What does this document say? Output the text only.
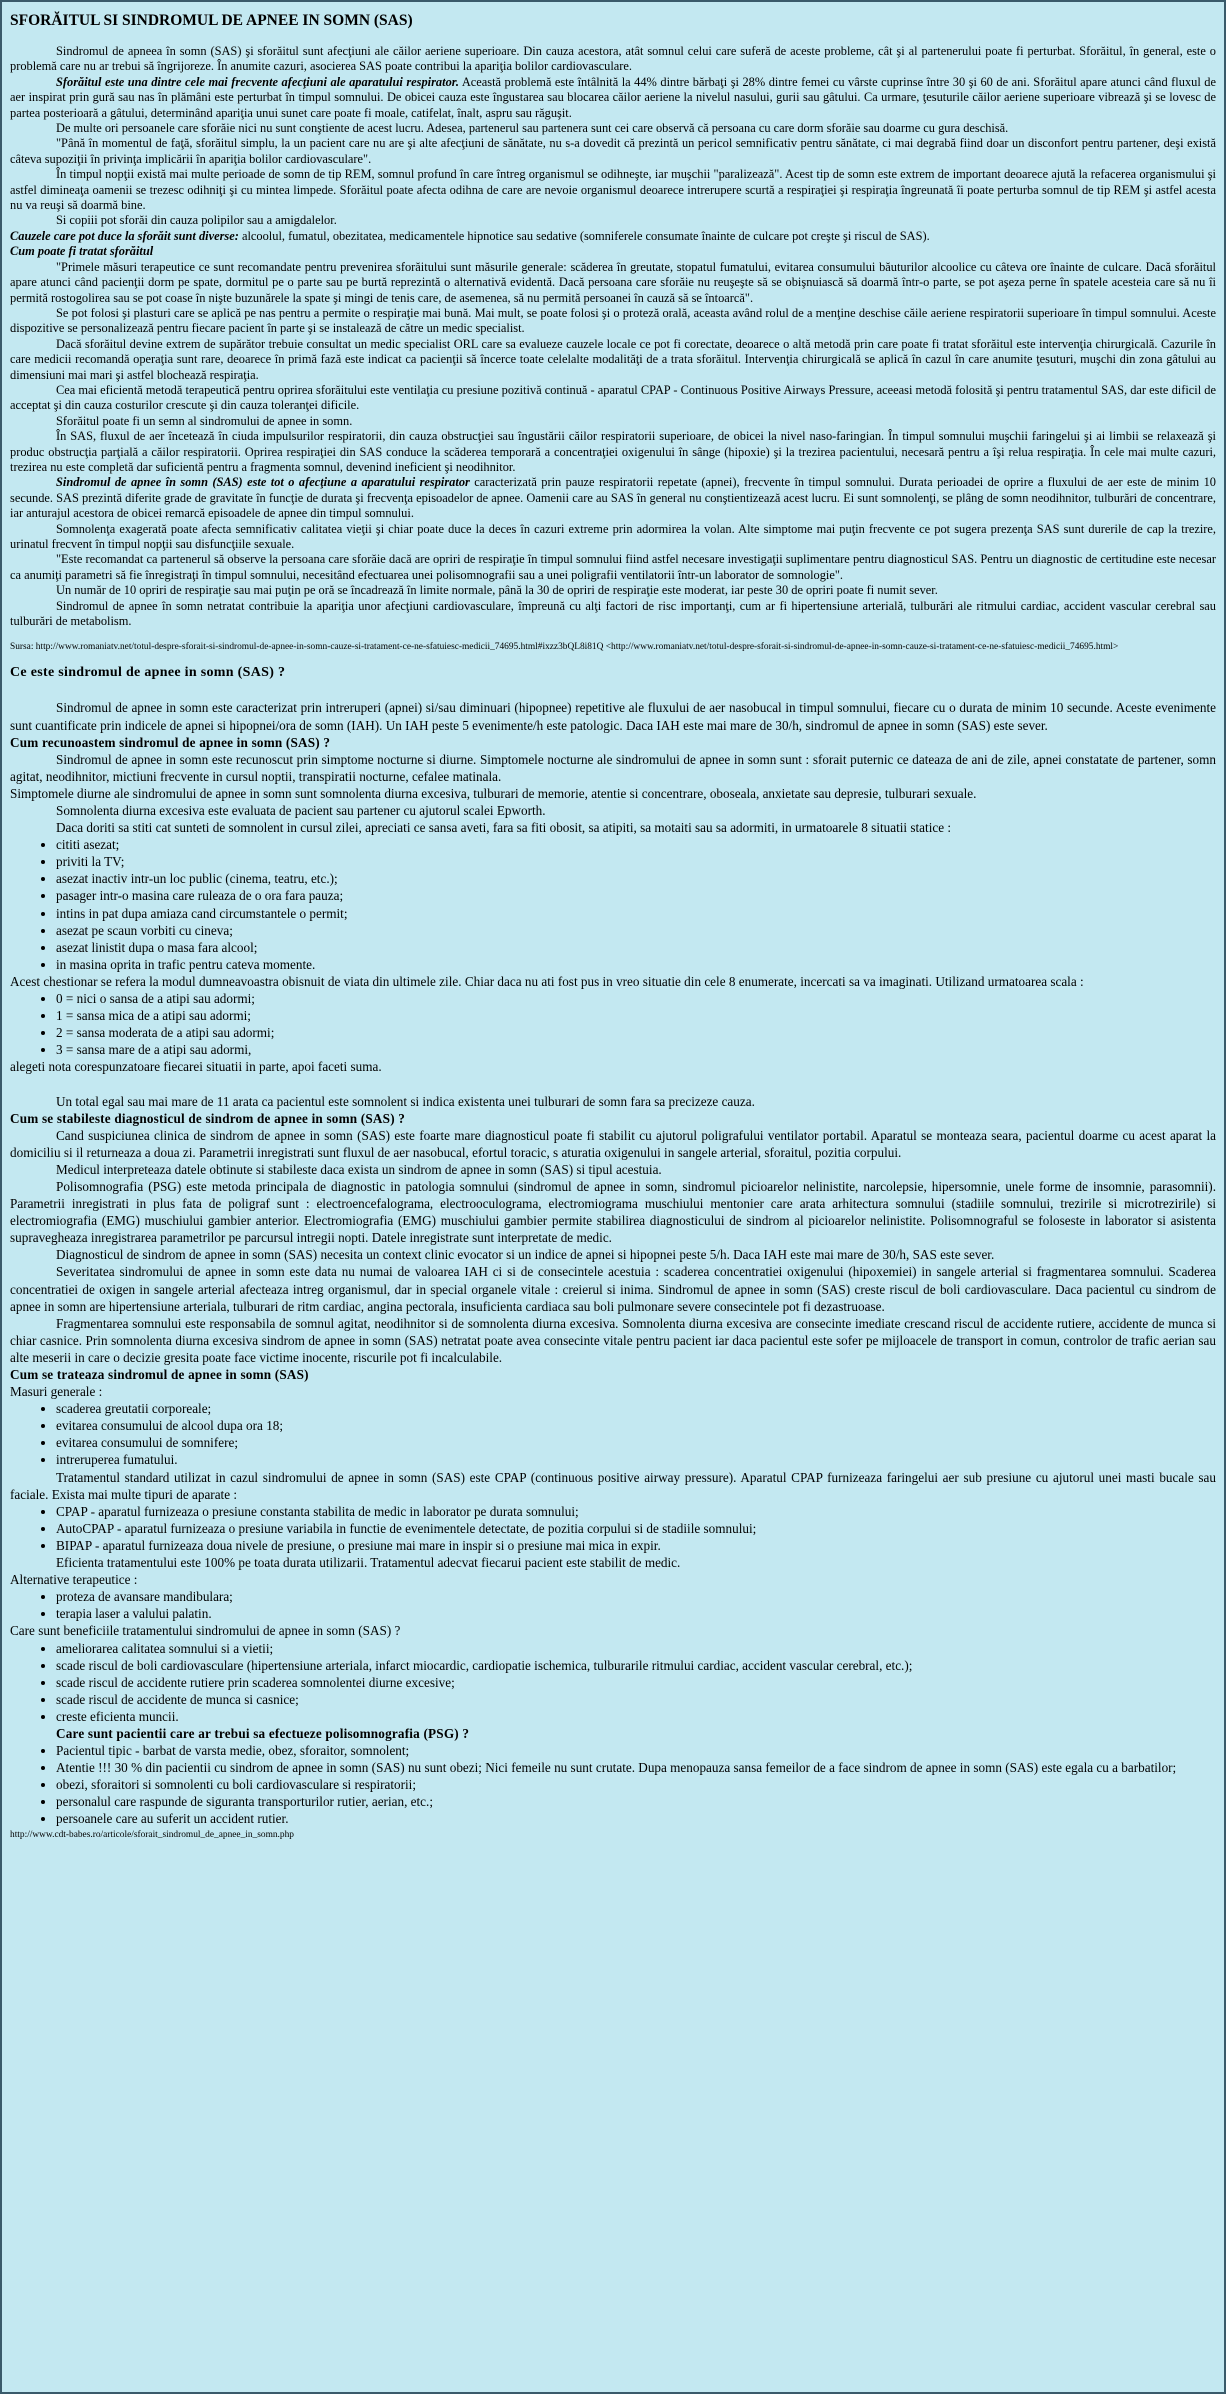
SFORĂITUL SI SINDROMUL DE APNEE IN SOMN (SAS)

Sindromul de apneea în somn (SAS) şi sforăitul sunt afecţiuni ale căilor aeriene superioare. Din cauza acestora, atât somnul celui care suferă de aceste probleme, cât şi al partenerului poate fi perturbat. Sforăitul, în general, este o problemă care nu ar trebui să îngrijoreze. În anumite cazuri, asocierea SAS poate contribui la apariţia bolilor cardiovasculare.

Sforăitul este una dintre cele mai frecvente afecţiuni ale aparatului respirator. Această problemă este întâlnită la 44% dintre bărbaţi şi 28% dintre femei cu vârste cuprinse între 30 şi 60 de ani. Sforăitul apare atunci când fluxul de aer inspirat prin gură sau nas în plămâni este perturbat în timpul somnului. De obicei cauza este îngustarea sau blocarea căilor aeriene la nivelul nasului, gurii sau gâtului. Ca urmare, ţesuturile căilor aeriene superioare vibrează şi se lovesc de partea posterioară a gâtului, determinând apariţia unui sunet care poate fi moale, catifelat, înalt, aspru sau răguşit.

De multe ori persoanele care sforăie nici nu sunt conştiente de acest lucru. Adesea, partenerul sau partenera sunt cei care observă că persoana cu care dorm sforăie sau doarme cu gura deschisă.

"Până în momentul de faţă, sforăitul simplu, la un pacient care nu are şi alte afecţiuni de sănătate, nu s-a dovedit că prezintă un pericol semnificativ pentru sănătate, ci mai degrabă fiind doar un disconfort pentru partener, deşi există câteva supoziţii în privinţa implicării în apariţia bolilor cardiovasculare".

În timpul nopţii există mai multe perioade de somn de tip REM, somnul profund în care întreg organismul se odihneşte, iar muşchii "paralizează". Acest tip de somn este extrem de important deoarece ajută la refacerea organismului şi astfel dimineaţa oamenii se trezesc odihniţi şi cu mintea limpede. Sforăitul poate afecta odihna de care are nevoie organismul deoarece intrerupere scurtă a respiraţiei şi respiraţia îngreunată îi poate perturba somnul de tip REM şi astfel acesta nu va reuşi să doarmă bine.

Si copiii pot sforăi din cauza polipilor sau a amigdalelor.

Cauzele care pot duce la sforăit sunt diverse: alcoolul, fumatul, obezitatea, medicamentele hipnotice sau sedative (somniferele consumate înainte de culcare pot creşte şi riscul de SAS).

Cum poate fi tratat sforăitul

"Primele măsuri terapeutice ce sunt recomandate pentru prevenirea sforăitului sunt măsurile generale: scăderea în greutate, stopatul fumatului, evitarea consumului băuturilor alcoolice cu câteva ore înainte de culcare. Dacă sforăitul apare atunci când pacienţii dorm pe spate, dormitul pe o parte sau pe burtă reprezintă o alternativă evidentă. Dacă persoana care sforăie nu reuşeşte să se obişnuiască să doarmă într-o parte, se pot aşeza perne în spatele acesteia care să nu îi permită rostogolirea sau se pot coase în nişte buzunărele la spate şi mingi de tenis care, de asemenea, să nu permită persoanei în cauză să se întoarcă".

Se pot folosi şi plasturi care se aplică pe nas pentru a permite o respiraţie mai bună. Mai mult, se poate folosi şi o proteză orală, aceasta având rolul de a menţine deschise căile aeriene respiratorii superioare în timpul somnului. Aceste dispozitive se personalizează pentru fiecare pacient în parte şi se instalează de către un medic specialist.

Dacă sforăitul devine extrem de supărător trebuie consultat un medic specialist ORL care sa evalueze cauzele locale ce pot fi corectate, deoarece o altă metodă prin care poate fi tratat sforăitul este intervenţia chirurgicală. Cazurile în care medicii recomandă operaţia sunt rare, deoarece în primă fază este indicat ca pacienţii să încerce toate celelalte modalităţi de a trata sforăitul. Intervenţia chirurgicală se aplică în cazul în care anumite ţesuturi, muşchi din zona gâtului au dimensiuni mai mari şi astfel blochează respiraţia.

Cea mai eficientă metodă terapeutică pentru oprirea sforăitului este ventilaţia cu presiune pozitivă continuă - aparatul CPAP - Continuous Positive Airways Pressure, aceeasi metodă folosită şi pentru tratamentul SAS, dar este dificil de acceptat şi din cauza costurilor crescute şi din cauza toleranţei dificile.

Sforăitul poate fi un semn al sindromului de apnee in somn.

În SAS, fluxul de aer încetează în ciuda impulsurilor respiratorii, din cauza obstrucţiei sau îngustării căilor respiratorii superioare, de obicei la nivel naso-faringian. În timpul somnului muşchii faringelui şi ai limbii se relaxează şi produc obstrucţia parţială a căilor respiratorii. Oprirea respiraţiei din SAS conduce la scăderea temporară a concentraţiei oxigenului în sânge (hipoxie) şi la trezirea pacientului, necesară pentru a îşi relua respiraţia. În cele mai multe cazuri, trezirea nu este completă dar suficientă pentru a fragmenta somnul, devenind ineficient şi neodihnitor.

Sindromul de apnee în somn (SAS) este tot o afecţiune a aparatului respirator caracterizată prin pauze respiratorii repetate (apnei), frecvente în timpul somnului. Durata perioadei de oprire a fluxului de aer este de minim 10 secunde. SAS prezintă diferite grade de gravitate în funcţie de durata şi frecvenţa episoadelor de apnee. Oamenii care au SAS în general nu conştientizează acest lucru. Ei sunt somnolenţi, se plâng de somn neodihnitor, tulburări de concentrare, iar anturajul acestora de obicei remarcă episoadele de apnee din timpul somnului.

Somnolenţa exagerată poate afecta semnificativ calitatea vieţii şi chiar poate duce la deces în cazuri extreme prin adormirea la volan. Alte simptome mai puţin frecvente ce pot sugera prezenţa SAS sunt durerile de cap la trezire, urinatul frecvent în timpul nopţii sau disfuncţiile sexuale.

"Este recomandat ca partenerul să observe la persoana care sforăie dacă are opriri de respiraţie în timpul somnului fiind astfel necesare investigaţii suplimentare pentru diagnosticul SAS. Pentru un diagnostic de certitudine este necesar ca anumiţi parametri să fie înregistraţi în timpul somnului, necesitând efectuarea unei polisomnografii sau a unei poligrafii ventilatorii într-un laborator de somnologie".

Un număr de 10 opriri de respiraţie sau mai puţin pe oră se încadrează în limite normale, până la 30 de opriri de respiraţie este moderat, iar peste 30 de opriri poate fi numit sever.

Sindromul de apnee în somn netratat contribuie la apariţia unor afecţiuni cardiovasculare, împreună cu alţi factori de risc importanţi, cum ar fi hipertensiune arterială, tulburări ale ritmului cardiac, accident vascular cerebral sau tulburări de metabolism.

Sursa: http://www.romaniatv.net/totul-despre-sforait-si-sindromul-de-apnee-in-somn-cauze-si-tratament-ce-ne-sfatuiesc-medicii_74695.html#ixzz3bQL8i81Q <http://www.romaniatv.net/totul-despre-sforait-si-sindromul-de-apnee-in-somn-cauze-si-tratament-ce-ne-sfatuiesc-medicii_74695.html>
Ce este sindromul de apnee in somn (SAS) ?

Sindromul de apnee in somn este caracterizat prin intreruperi (apnei) si/sau diminuari (hipopnee) repetitive ale fluxului de aer nasobucal in timpul somnului, fiecare cu o durata de minim 10 secunde. Aceste evenimente sunt cuantificate prin indicele de apnei si hipopnei/ora de somn (IAH). Un IAH peste 5 evenimente/h este patologic. Daca IAH este mai mare de 30/h, sindromul de apnee in somn (SAS) este sever.

Cum recunoastem sindromul de apnee in somn (SAS) ?

Sindromul de apnee in somn este recunoscut prin simptome nocturne si diurne. Simptomele nocturne ale sindromului de apnee in somn sunt : sforait puternic ce dateaza de ani de zile, apnei constatate de partener, somn agitat, neodihnitor, mictiuni frecvente in cursul noptii, transpiratii nocturne, cefalee matinala.

Simptomele diurne ale sindromului de apnee in somn sunt somnolenta diurna excesiva, tulburari de memorie, atentie si concentrare, oboseala, anxietate sau depresie, tulburari sexuale.

Somnolenta diurna excesiva este evaluata de pacient sau partener cu ajutorul scalei Epworth.

Daca doriti sa stiti cat sunteti de somnolent in cursul zilei, apreciati ce sansa aveti, fara sa fiti obosit, sa atipiti, sa motaiti sau sa adormiti, in urmatoarele 8 situatii statice :

• cititi asezat;
• priviti la TV;
• asezat inactiv intr-un loc public (cinema, teatru, etc.);
• pasager intr-o masina care ruleaza de o ora fara pauza;
• intins in pat dupa amiaza cand circumstantele o permit;
• asezat pe scaun vorbiti cu cineva;
• asezat linistit dupa o masa fara alcool;
• in masina oprita in trafic pentru cateva momente.

Acest chestionar se refera la modul dumneavoastra obisnuit de viata din ultimele zile. Chiar daca nu ati fost pus in vreo situatie din cele 8 enumerate, incercati sa va imaginati. Utilizand urmatoarea scala :

• 0 = nici o sansa de a atipi sau adormi;
• 1 = sansa mica de a atipi sau adormi;
• 2 = sansa moderata de a atipi sau adormi;
• 3 = sansa mare de a atipi sau adormi,

alegeti nota corespunzatoare fiecarei situatii in parte, apoi faceti suma.

Un total egal sau mai mare de 11 arata ca pacientul este somnolent si indica existenta unei tulburari de somn fara sa precizeze cauza.

Cum se stabileste diagnosticul de sindrom de apnee in somn (SAS) ?

Cand suspiciunea clinica de sindrom de apnee in somn (SAS) este foarte mare diagnosticul poate fi stabilit cu ajutorul poligrafului ventilator portabil. Aparatul se monteaza seara, pacientul doarme cu acest aparat la domiciliu si il returneaza a doua zi. Parametrii inregistrati sunt fluxul de aer nasobucal, efortul toracic, s aturatia oxigenului in sangele arterial, sforaitul, pozitia corpului.

Medicul interpreteaza datele obtinute si stabileste daca exista un sindrom de apnee in somn (SAS) si tipul acestuia.

Polisomnografia (PSG) este metoda principala de diagnostic in patologia somnului (sindromul de apnee in somn, sindromul picioarelor nelinistite, narcolepsie, hipersomnie, unele forme de insomnie, parasomnii). Parametrii inregistrati in plus fata de poligraf sunt : electroencefalograma, electrooculograma, electromiograma muschiului mentonier care arata arhitectura somnului (stadiile somnului, trezirile si microtrezirile) si electromiografia (EMG) muschiului gambier anterior. Electromiografia (EMG) muschiului gambier permite stabilirea diagnosticului de sindrom al picioarelor nelinistite. Polisomnograful se foloseste in laborator si asistenta supravegheaza inregistrarea parametrilor pe parcursul intregii nopti. Datele inregistrate sunt interpretate de medic.

Diagnosticul de sindrom de apnee in somn (SAS) necesita un context clinic evocator si un indice de apnei si hipopnei peste 5/h. Daca IAH este mai mare de 30/h, SAS este sever.

Severitatea sindromului de apnee in somn este data nu numai de valoarea IAH ci si de consecintele acestuia : scaderea concentratiei oxigenului (hipoxemiei) in sangele arterial si fragmentarea somnului. Scaderea concentratiei de oxigen in sangele arterial afecteaza intreg organismul, dar in special organele vitale : creierul si inima. Sindromul de apnee in somn (SAS) creste riscul de boli cardiovasculare. Daca pacientul cu sindrom de apnee in somn are hipertensiune arteriala, tulburari de ritm cardiac, angina pectorala, insuficienta cardiaca sau boli pulmonare severe consecintele pot fi dezastruoase.

Fragmentarea somnului este responsabila de somnul agitat, neodihnitor si de somnolenta diurna excesiva. Somnolenta diurna excesiva are consecinte imediate crescand riscul de accidente rutiere, accidente de munca si chiar casnice. Prin somnolenta diurna excesiva sindrom de apnee in somn (SAS) netratat poate avea consecinte vitale pentru pacient iar daca pacientul este sofer pe mijloacele de transport in comun, controlor de trafic aerian sau alte meserii in care o decizie gresita poate face victime inocente, riscurile pot fi incalculabile.

Cum se trateaza sindromul de apnee in somn (SAS)

Masuri generale :

• scaderea greutatii corporeale;
• evitarea consumului de alcool dupa ora 18;
• evitarea consumului de somnifere;
• intreruperea fumatului.

Tratamentul standard utilizat in cazul sindromului de apnee in somn (SAS) este CPAP (continuous positive airway pressure). Aparatul CPAP furnizeaza faringelui aer sub presiune cu ajutorul unei masti bucale sau faciale. Exista mai multe tipuri de aparate :

• CPAP - aparatul furnizeaza o presiune constanta stabilita de medic in laborator pe durata somnului;
• AutoCPAP - aparatul furnizeaza o presiune variabila in functie de evenimentele detectate, de pozitia corpului si de stadiile somnului;
• BIPAP - aparatul furnizeaza doua nivele de presiune, o presiune mai mare in inspir si o presiune mai mica in expir.

Eficienta tratamentului este 100% pe toata durata utilizarii. Tratamentul adecvat fiecarui pacient este stabilit de medic.

Alternative terapeutice :

• proteza de avansare mandibulara;
• terapia laser a valului palatin.

Care sunt beneficiile tratamentului sindromului de apnee in somn (SAS) ?

• ameliorarea calitatea somnului si a vietii;
• scade riscul de boli cardiovasculare (hipertensiune arteriala, infarct miocardic, cardiopatie ischemica, tulburarile ritmului cardiac, accident vascular cerebral, etc.);
• scade riscul de accidente rutiere prin scaderea somnolentei diurne excesive;
• scade riscul de accidente de munca si casnice;
• creste eficienta muncii.
Care sunt pacientii care ar trebui sa efectueze polisomnografia (PSG) ?
• Pacientul tipic - barbat de varsta medie, obez, sforaitor, somnolent;
• Atentie !!! 30 % din pacientii cu sindrom de apnee in somn (SAS) nu sunt obezi; Nici femeile nu sunt crutate. Dupa menopauza sansa femeilor de a face sindrom de apnee in somn (SAS) este egala cu a barbatilor;
• obezi, sforaitori si somnolenti cu boli cardiovasculare si respiratorii;
• personalul care raspunde de siguranta transporturilor rutier, aerian, etc.;
• persoanele care au suferit un accident rutier.
http://www.cdt-babes.ro/articole/sforait_sindromul_de_apnee_in_somn.php
